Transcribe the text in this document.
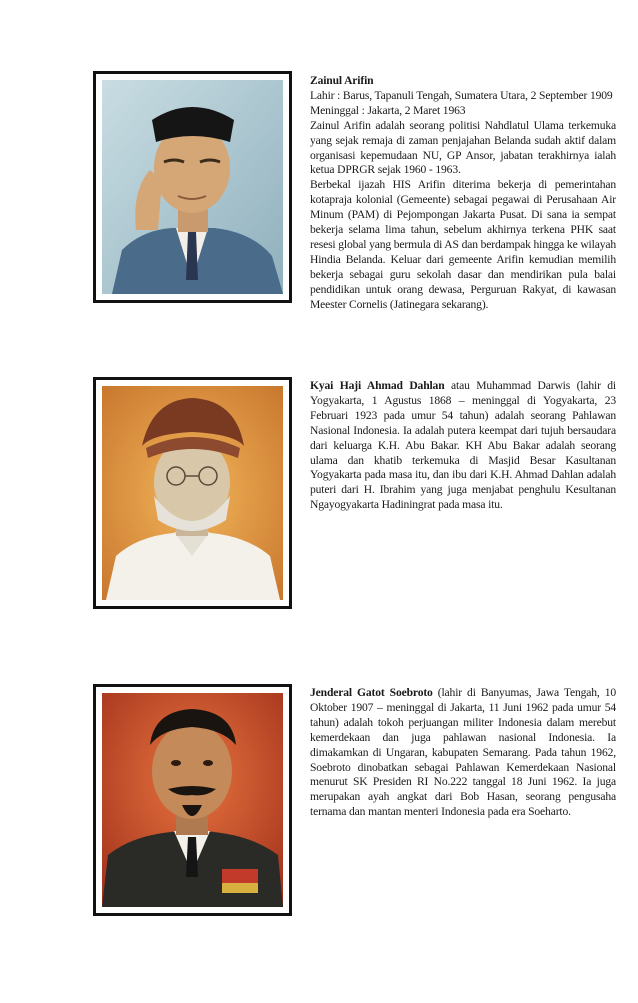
Zainul Arifin

Lahir : Barus, Tapanuli Tengah, Sumatera Utara, 2 September 1909

Meninggal : Jakarta, 2 Maret 1963

Zainul Arifin adalah seorang politisi Nahdlatul Ulama terkemuka yang sejak remaja di zaman penjajahan Belanda sudah aktif dalam organisasi kepemudaan NU, GP Ansor, jabatan terakhirnya ialah ketua DPRGR sejak 1960 - 1963.

Berbekal ijazah HIS Arifin diterima bekerja di pemerintahan kotapraja kolonial (Gemeente) sebagai pegawai di Perusahaan Air Minum (PAM) di Pejompongan Jakarta Pusat. Di sana ia sempat bekerja selama lima tahun, sebelum akhirnya terkena PHK saat resesi global yang bermula di AS dan berdampak hingga ke wilayah Hindia Belanda. Keluar dari gemeente Arifin kemudian memilih bekerja sebagai guru sekolah dasar dan mendirikan pula balai pendidikan untuk orang dewasa, Perguruan Rakyat, di kawasan Meester Cornelis (Jatinegara sekarang).

Kyai Haji Ahmad Dahlan atau Muhammad Darwis (lahir di Yogyakarta, 1 Agustus 1868 – meninggal di Yogyakarta, 23 Februari 1923 pada umur 54 tahun) adalah seorang Pahlawan Nasional Indonesia. Ia adalah putera keempat dari tujuh bersaudara dari keluarga K.H. Abu Bakar. KH Abu Bakar adalah seorang ulama dan khatib terkemuka di Masjid Besar Kasultanan Yogyakarta pada masa itu, dan ibu dari K.H. Ahmad Dahlan adalah puteri dari H. Ibrahim yang juga menjabat penghulu Kesultanan Ngayogyakarta Hadiningrat pada masa itu.

Jenderal Gatot Soebroto (lahir di Banyumas, Jawa Tengah, 10 Oktober 1907 – meninggal di Jakarta, 11 Juni 1962 pada umur 54 tahun) adalah tokoh perjuangan militer Indonesia dalam merebut kemerdekaan dan juga pahlawan nasional Indonesia. Ia dimakamkan di Ungaran, kabupaten Semarang. Pada tahun 1962, Soebroto dinobatkan sebagai Pahlawan Kemerdekaan Nasional menurut SK Presiden RI No.222 tanggal 18 Juni 1962. Ia juga merupakan ayah angkat dari Bob Hasan, seorang pengusaha ternama dan mantan menteri Indonesia pada era Soeharto.
